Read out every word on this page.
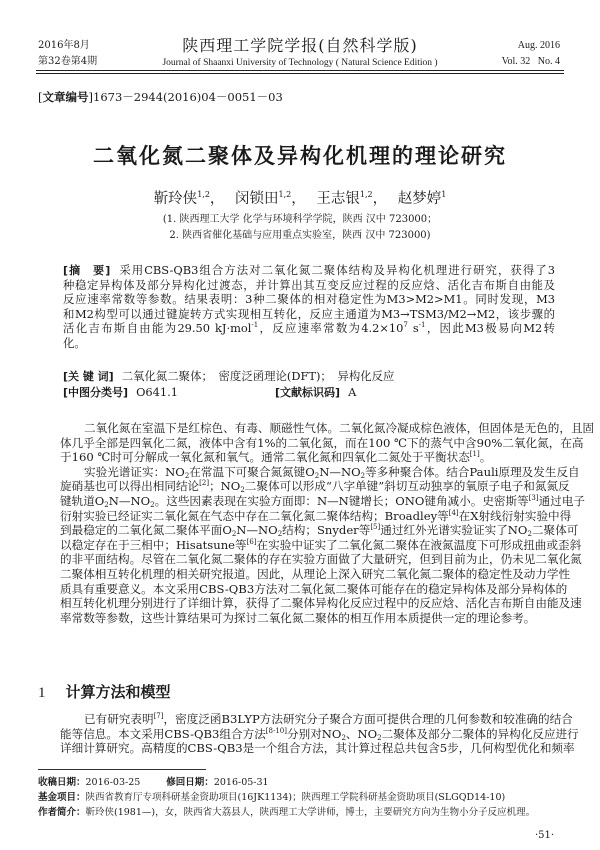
2016年8月
第32卷第4期
陕西理工学院学报(自然科学版)
Journal of Shaanxi University of Technology ( Natural Science Edition )
Aug. 2016
Vol. 32   No. 4
[文章编号]1673－2944(2016)04－0051－03
二氧化氮二聚体及异构化机理的理论研究
靳玲侠$^{1,2}$， 闵锁田$^{1,2}$， 王志银$^{1,2}$， 赵梦婷$^1$
(1. 陕西理工大学 化学与环境科学学院，陕西 汉中 723000；
2. 陕西省催化基础与应用重点实验室，陕西 汉中 723000)
[摘　要] 采用CBS-QB3组合方法对二氧化氮二聚体结构及异构化机理进行研究，获得了3
种稳定异构体及部分异构化过渡态，并计算出其互变反应过程的反应焓、活化吉布斯自由能及
反应速率常数等参数。结果表明：3种二聚体的相对稳定性为M3>M2>M1。同时发现，M3
和M2构型可以通过键旋转方式实现相互转化，反应主通道为M3→TSM3/M2→M2，该步骤的
活化吉布斯自由能为29.50 kJ·mol$^{-1}$，反应速率常数为$4.2\times 10^7$ $s^{-1}$，因此M3极易向M2转
化。
[关 键 词] 二氧化氮二聚体；　密度泛函理论(DFT)；　异构化反应
[中图分类号] O641.1	[文献标识码] A
二氧化氮在室温下是红棕色、有毒、顺磁性气体。二氧化氮冷凝成棕色液体，但固体是无色的，且固
体几乎全部是四氧化二氮，液体中含有1%的二氧化氮，而在100 ℃下的蒸气中含90%二氧化氮，在高
于160 ℃时可分解成一氧化氮和氧气。通常二氧化氮和四氧化二氮处于平衡状态[1]。
实验光谱证实：$NO_2$在常温下可聚合氮氮键$O_2N—NO_2$等多种聚合体。结合Pauli原理及发生反自
旋硝基也可以得出相同结论[2]；$NO_2$二聚体可以形成“八字单键”斜切互动独享的氧原子电子和氮氮反
键轨道$O_2N—NO_2$。这些因素表现在实验方面即：N—N键增长；ONO键角减小。史密斯等[3]通过电子
衍射实验已经证实二氧化氮在气态中存在二氧化氮二聚体结构；Broadley等[4]在X射线衍射实验中得
到最稳定的二氧化氮二聚体平面$O_2N—NO_2$结构；Snyder等[5]通过红外光谱实验证实了$NO_2$二聚体可
以稳定存在于三相中；Hisatsune等[6]在实验中证实了二氧化氮二聚体在液氮温度下可形成扭曲或歪斜
的非平面结构。尽管在二氧化氮二聚体的存在实验方面做了大量研究，但到目前为止，仍未见二氧化氮
二聚体相互转化机理的相关研究报道。因此，从理论上深入研究二氧化氮二聚体的稳定性及动力学性
质具有重要意义。本文采用CBS-QB3方法对二氧化氮二聚体可能存在的稳定异构体及部分异构体的
相互转化机理分别进行了详细计算，获得了二聚体异构化反应过程中的反应焓、活化吉布斯自由能及速
率常数等参数，这些计算结果可为探讨二氧化氮二聚体的相互作用本质提供一定的理论参考。
1 计算方法和模型
已有研究表明[7]，密度泛函B3LYP方法研究分子聚合方面可提供合理的几何参数和较准确的结合
能等信息。本文采用CBS-QB3组合方法[8-10]分别对$NO_2$、$NO_2$二聚体及部分二聚体的异构化反应进行
详细计算研究。高精度的CBS-QB3是一个组合方法，其计算过程总共包含5步，几何构型优化和频率
收稿日期：2016-03-25	修回日期：2016-05-31
基金项目：陕西省教育厅专项科研基金资助项目(16JK1134)；陕西理工学院科研基金资助项目(SLGQD14-10)
作者简介：靳玲侠(1981—)，女，陕西省大荔县人，陕西理工大学讲师，博士，主要研究方向为生物小分子反应机理。
·51·
